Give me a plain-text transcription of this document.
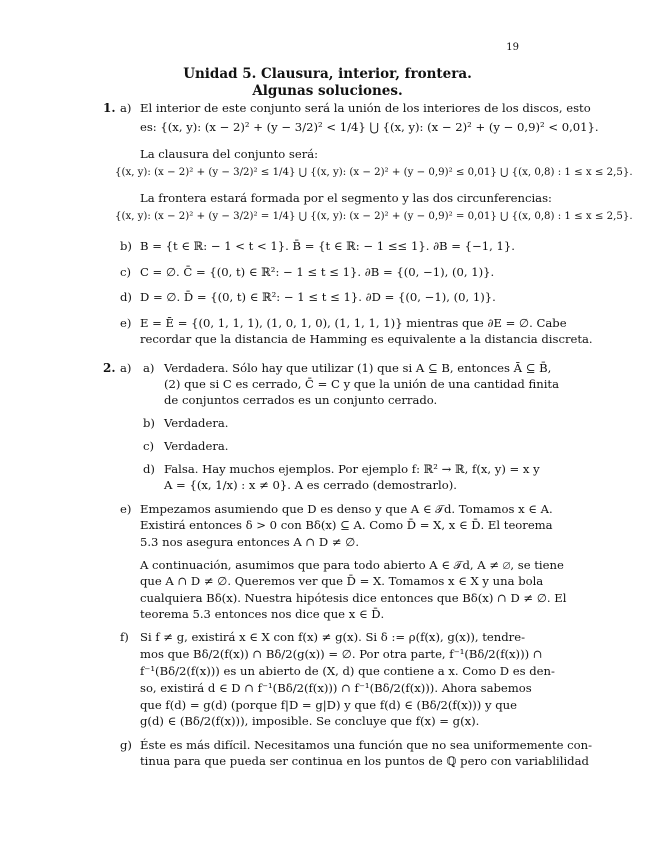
19
Unidad 5. Clausura, interior, frontera.
Algunas soluciones.
1. a) El interior de este conjunto será la unión de los interiores de los discos, esto
es: {(x, y): (x − 2)² + (y − 3/2)² < 1/4} ⋃ {(x, y): (x − 2)² + (y − 0,9)² < 0,01}.
La clausura del conjunto será:
{(x, y): (x − 2)² + (y − 3/2)² ≤ 1/4} ⋃ {(x, y): (x − 2)² + (y − 0,9)² ≤ 0,01} ⋃ {(x, 0,8) : 1 ≤ x ≤ 2,5}.
La frontera estará formada por el segmento y las dos circunferencias:
{(x, y): (x − 2)² + (y − 3/2)² = 1/4} ⋃ {(x, y): (x − 2)² + (y − 0,9)² = 0,01} ⋃ {(x, 0,8) : 1 ≤ x ≤ 2,5}.
b) B = {t ∈ ℝ: − 1 < t < 1}. B̄ = {t ∈ ℝ: − 1 ≤≤ 1}. ∂B = {−1, 1}.
c) C = ∅. C̄ = {(0, t) ∈ ℝ²: − 1 ≤ t ≤ 1}. ∂B = {(0, −1), (0, 1)}.
d) D = ∅. D̄ = {(0, t) ∈ ℝ²: − 1 ≤ t ≤ 1}. ∂D = {(0, −1), (0, 1)}.
e) E = Ē = {(0, 1, 1, 1), (1, 0, 1, 0), (1, 1, 1, 1)} mientras que ∂E = ∅. Cabe
recordar que la distancia de Hamming es equivalente a la distancia discreta.
2. a) a) Verdadera. Sólo hay que utilizar (1) que si A ⊆ B, entonces Ā ⊆ B̄,
(2) que si C es cerrado, C̄ = C y que la unión de una cantidad finita
de conjuntos cerrados es un conjunto cerrado.
b) Verdadera.
c) Verdadera.
d) Falsa. Hay muchos ejemplos. Por ejemplo f: ℝ² → ℝ, f(x, y) = x y
A = {(x, 1/x) : x ≠ 0}. A es cerrado (demostrarlo).
e) Empezamos asumiendo que D es denso y que A ∈ 𝒯d. Tomamos x ∈ A.
Existirá entonces δ > 0 con Bδ(x) ⊆ A. Como D̄ = X, x ∈ D̄. El teorema
5.3 nos asegura entonces A ∩ D ≠ ∅.
A continuación, asumimos que para todo abierto A ∈ 𝒯d, A ≠ ∅, se tiene
que A ∩ D ≠ ∅. Queremos ver que D̄ = X. Tomamos x ∈ X y una bola
cualquiera Bδ(x). Nuestra hipótesis dice entonces que Bδ(x) ∩ D ≠ ∅. El
teorema 5.3 entonces nos dice que x ∈ D̄.
f) Si f ≠ g, existirá x ∈ X con f(x) ≠ g(x). Si δ := ρ(f(x), g(x)), tendre-
mos que Bδ/2(f(x)) ∩ Bδ/2(g(x)) = ∅. Por otra parte, f⁻¹(Bδ/2(f(x))) ∩
f⁻¹(Bδ/2(f(x))) es un abierto de (X, d) que contiene a x. Como D es den-
so, existirá d ∈ D ∩ f⁻¹(Bδ/2(f(x))) ∩ f⁻¹(Bδ/2(f(x))). Ahora sabemos
que f(d) = g(d) (porque f|D = g|D) y que f(d) ∈ (Bδ/2(f(x))) y que
g(d) ∈ (Bδ/2(f(x))), imposible. Se concluye que f(x) = g(x).
g) Éste es más difícil. Necesitamos una función que no sea uniformemente con-
tinua para que pueda ser continua en los puntos de ℚ pero con variablilidad
